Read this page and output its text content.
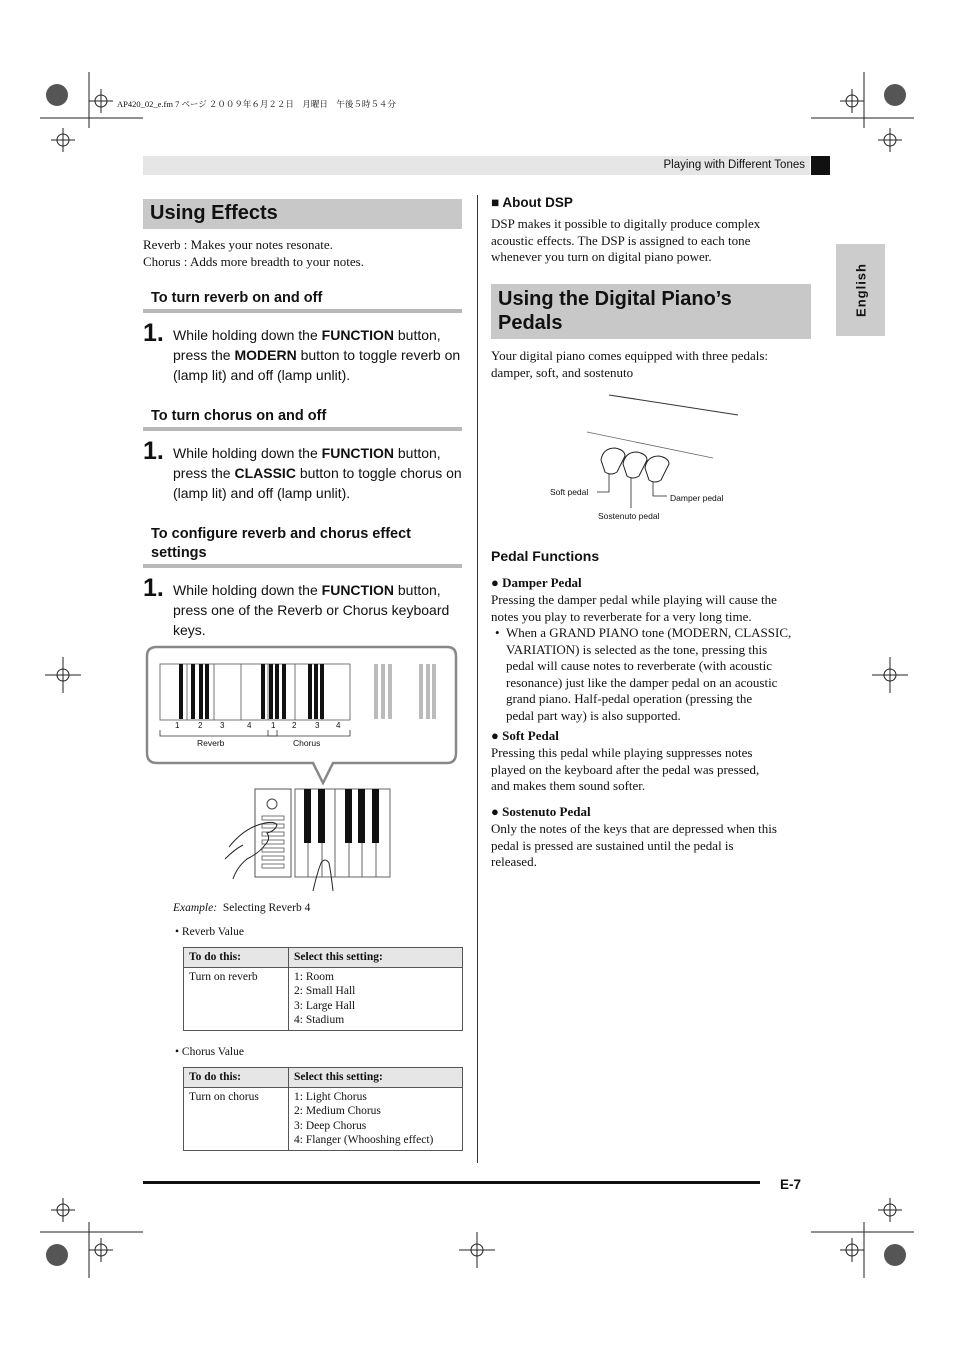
AP420_02_e.fm 7 ページ ２００９年６月２２日　月曜日　午後５時５４分
Playing with Different Tones
English
Using Effects
Reverb : Makes your notes resonate.
Chorus : Adds more breadth to your notes.
To turn reverb on and off
1. While holding down the FUNCTION button, press the MODERN button to toggle reverb on (lamp lit) and off (lamp unlit).
To turn chorus on and off
1. While holding down the FUNCTION button, press the CLASSIC button to toggle chorus on (lamp lit) and off (lamp unlit).
To configure reverb and chorus effect
settings
1. While holding down the FUNCTION button, press one of the Reverb or Chorus keyboard keys.
1 2 3	4 1 2 3 4
Reverb	Chorus
Example: Selecting Reverb 4
• Reverb Value
To do this:	Select this setting:
Turn on reverb	1: Room
2: Small Hall
3: Large Hall
4: Stadium
• Chorus Value
To do this:	Select this setting:
Turn on chorus	1: Light Chorus
2: Medium Chorus
3: Deep Chorus
4: Flanger (Whooshing effect)
■ About DSP
DSP makes it possible to digitally produce complex
acoustic effects. The DSP is assigned to each tone
whenever you turn on digital piano power.
Using the Digital Piano’s
Pedals
Your digital piano comes equipped with three pedals:
damper, soft, and sostenuto
Soft pedal
Damper pedal
Sostenuto pedal
Pedal Functions
● Damper Pedal
Pressing the damper pedal while playing will cause the
notes you play to reverberate for a very long time.
• When a GRAND PIANO tone (MODERN, CLASSIC,
VARIATION) is selected as the tone, pressing this
pedal will cause notes to reverberate (with acoustic
resonance) just like the damper pedal on an acoustic
grand piano. Half-pedal operation (pressing the
pedal part way) is also supported.
● Soft Pedal
Pressing this pedal while playing suppresses notes
played on the keyboard after the pedal was pressed,
and makes them sound softer.
● Sostenuto Pedal
Only the notes of the keys that are depressed when this
pedal is pressed are sustained until the pedal is
released.
E-7
